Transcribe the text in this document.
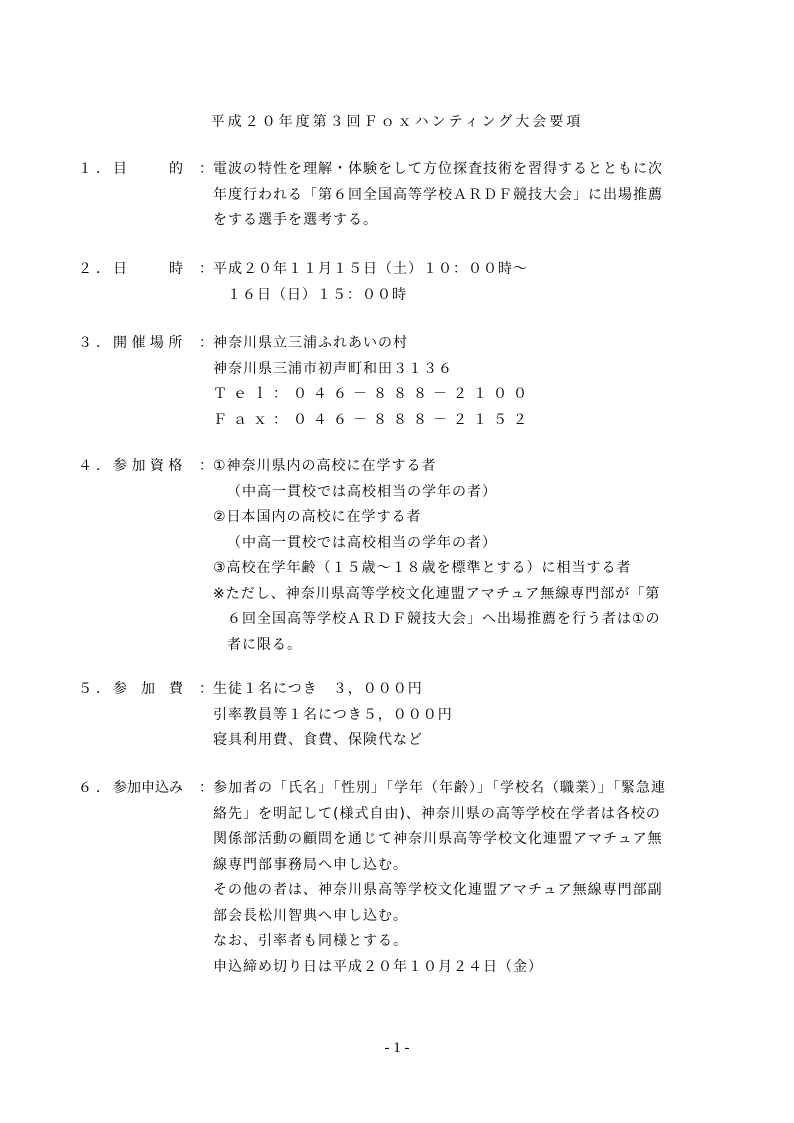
平成２０年度第３回Ｆｏｘハンティング大会要項
１．目　　　的 ： 電波の特性を理解・体験をして方位探査技術を習得するとともに次
年度行われる「第６回全国高等学校ＡＲＤＦ競技大会」に出場推薦
をする選手を選考する。
２．日　　　時 ： 平成２０年１１月１５日（土）１０：００時～
１６日（日）１５：００時
３．開 催 場 所 ： 神奈川県立三浦ふれあいの村
神奈川県三浦市初声町和田３１３６
Ｔｅｌ：０４６－８８８－２１００
Ｆａｘ：０４６－８８８－２１５２
４．参 加 資 格 ： ①神奈川県内の高校に在学する者
（中高一貫校では高校相当の学年の者）
②日本国内の高校に在学する者
（中高一貫校では高校相当の学年の者）
③高校在学年齢（１５歳～１８歳を標準とする）に相当する者
※ただし、神奈川県高等学校文化連盟アマチュア無線専門部が「第
６回全国高等学校ＡＲＤＦ競技大会」へ出場推薦を行う者は①の
者に限る。
５．参　加　費 ： 生徒１名につき　３，０００円
引率教員等１名につき５，０００円
寝具利用費、食費、保険代など
６．参加申込み ： 参加者の「氏名」「性別」「学年（年齢）」「学校名（職業）」「緊急連
絡先」を明記して(様式自由)、神奈川県の高等学校在学者は各校の
関係部活動の顧問を通じて神奈川県高等学校文化連盟アマチュア無
線専門部事務局へ申し込む。
その他の者は、神奈川県高等学校文化連盟アマチュア無線専門部副
部会長松川智典へ申し込む。
なお、引率者も同様とする。
申込締め切り日は平成２０年１０月２４日（金）
- 1 -
